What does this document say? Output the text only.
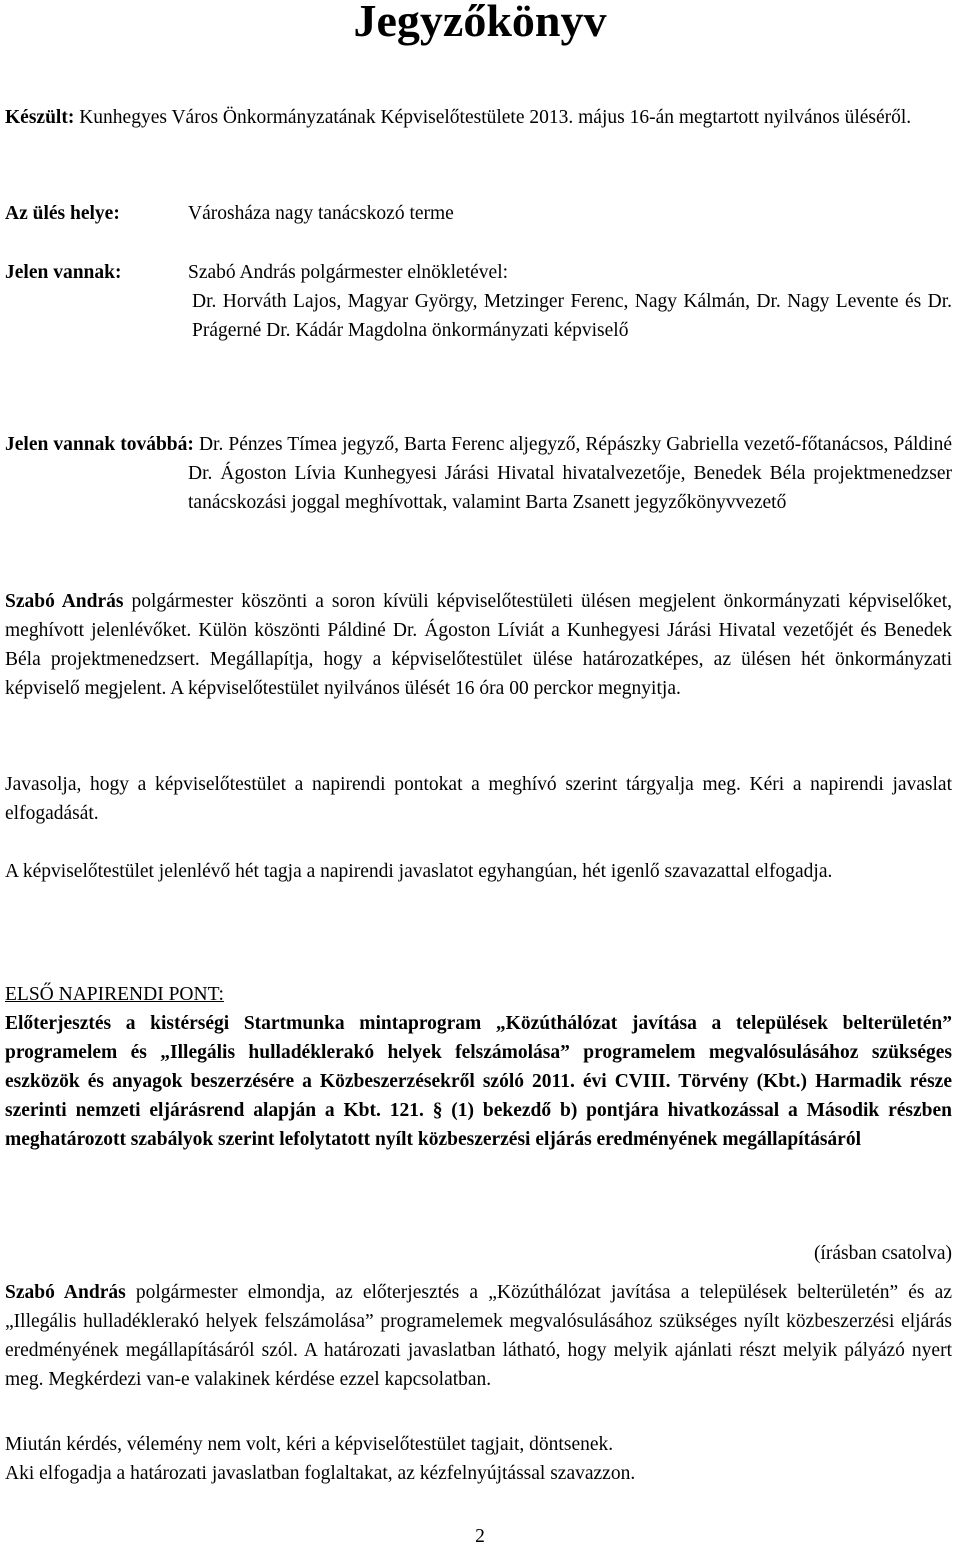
Jegyzőkönyv

Készült: Kunhegyes Város Önkormányzatának Képviselőtestülete 2013. május 16-án megtartott nyilvános üléséről.

Az ülés helye:	Városháza nagy tanácskozó terme
Jelen vannak:	Szabó András polgármester elnökletével:
Dr. Horváth Lajos, Magyar György, Metzinger Ferenc, Nagy Kálmán, Dr. Nagy Levente és Dr. Prágerné Dr. Kádár Magdolna önkormányzati képviselő

Jelen vannak továbbá: Dr. Pénzes Tímea jegyző, Barta Ferenc aljegyző, Répászky Gabriella vezető-főtanácsos, Páldiné Dr. Ágoston Lívia Kunhegyesi Járási Hivatal hivatalvezetője, Benedek Béla projektmenedzser tanácskozási joggal meghívottak, valamint Barta Zsanett jegyzőkönyvvezető

Szabó András polgármester köszönti a soron kívüli képviselőtestületi ülésen megjelent önkormányzati képviselőket, meghívott jelenlévőket. Külön köszönti Páldiné Dr. Ágoston Líviát a Kunhegyesi Járási Hivatal vezetőjét és Benedek Béla projektmenedzsert. Megállapítja, hogy a képviselőtestület ülése határozatképes, az ülésen hét önkormányzati képviselő megjelent. A képviselőtestület nyilvános ülését 16 óra 00 perckor megnyitja.

Javasolja, hogy a képviselőtestület a napirendi pontokat a meghívó szerint tárgyalja meg. Kéri a napirendi javaslat elfogadását.

A képviselőtestület jelenlévő hét tagja a napirendi javaslatot egyhangúan, hét igenlő szavazattal elfogadja.

ELSŐ NAPIRENDI PONT:

Előterjesztés a kistérségi Startmunka mintaprogram „Közúthálózat javítása a települések belterületén” programelem és „Illegális hulladéklerakó helyek felszámolása” programelem megvalósulásához szükséges eszközök és anyagok beszerzésére a Közbeszerzésekről szóló 2011. évi CVIII. Törvény (Kbt.) Harmadik része szerinti nemzeti eljárásrend alapján a Kbt. 121. § (1) bekezdő b) pontjára hivatkozással a Második részben meghatározott szabályok szerint lefolytatott nyílt közbeszerzési eljárás eredményének megállapításáról

(írásban csatolva)

Szabó András polgármester elmondja, az előterjesztés a „Közúthálózat javítása a települések belterületén” és az „Illegális hulladéklerakó helyek felszámolása” programelemek megvalósulásához szükséges nyílt közbeszerzési eljárás eredményének megállapításáról szól. A határozati javaslatban látható, hogy melyik ajánlati részt melyik pályázó nyert meg. Megkérdezi van-e valakinek kérdése ezzel kapcsolatban.

Miután kérdés, vélemény nem volt, kéri a képviselőtestület tagjait, döntsenek.

Aki elfogadja a határozati javaslatban foglaltakat, az kézfelnyújtással szavazzon.

2
